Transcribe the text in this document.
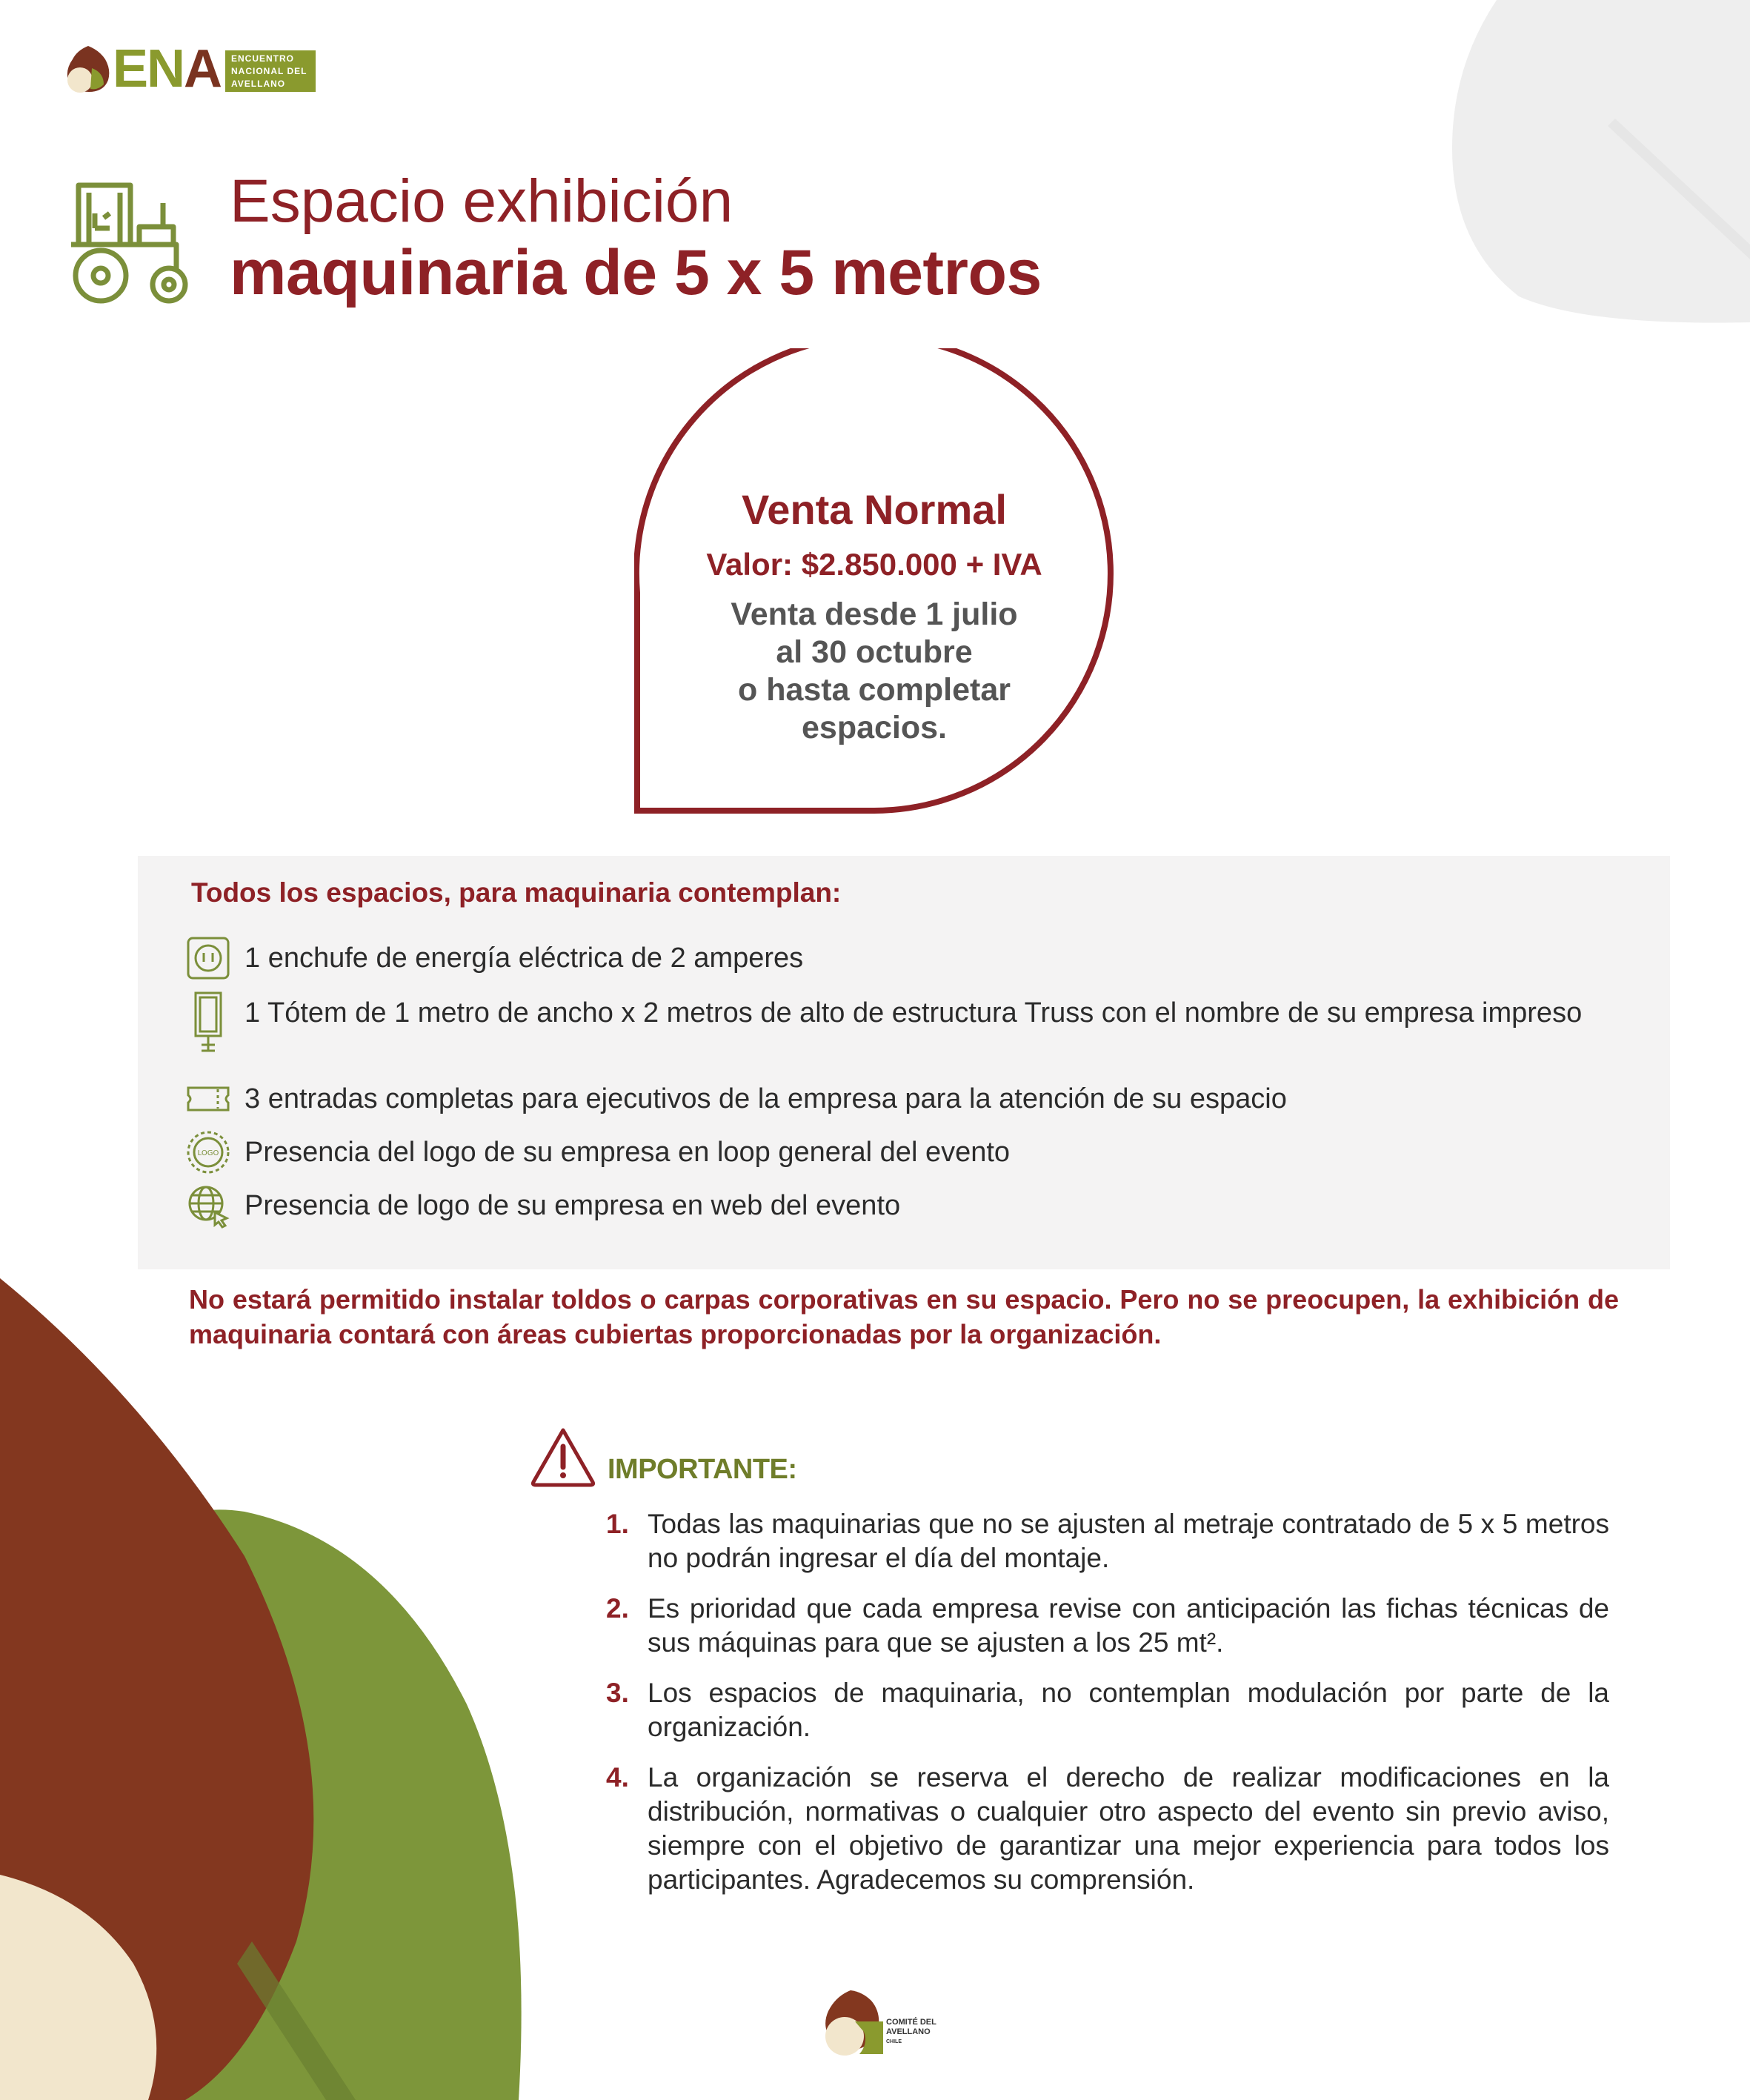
ENA ENCUENTRO
NACIONAL DEL
AVELLANO
Espacio exhibición
maquinaria de 5 x 5 metros
Venta Normal
Valor: $2.850.000 + IVA
Venta desde 1 julio
al 30 octubre
o hasta completar
espacios.
Todos los espacios, para maquinaria contemplan:
1 enchufe de energía eléctrica de 2 amperes
1 Tótem de 1 metro de ancho x 2 metros de alto de estructura Truss con el nombre de su empresa impreso
3 entradas completas para ejecutivos de la empresa para la atención de su espacio
LOGO Presencia del logo de su empresa en loop general del evento
Presencia de logo de su empresa en web del evento
No estará permitido instalar toldos o carpas corporativas en su espacio. Pero no se preocupen, la exhibición de maquinaria contará con áreas cubiertas proporcionadas por la organización.
IMPORTANTE:
1. Todas las maquinarias que no se ajusten al metraje contratado de 5 x 5 metros no podrán ingresar el día del montaje.
2. Es prioridad que cada empresa revise con anticipación las fichas técnicas de sus máquinas para que se ajusten a los 25 mt².
3. Los espacios de maquinaria, no contemplan modulación por parte de la organización.
4. La organización se reserva el derecho de realizar modificaciones en la distribución, normativas o cualquier otro aspecto del evento sin previo aviso, siempre con el objetivo de garantizar una mejor experiencia para todos los participantes. Agradecemos su comprensión.
COMITÉ DEL
AVELLANO
CHILE
